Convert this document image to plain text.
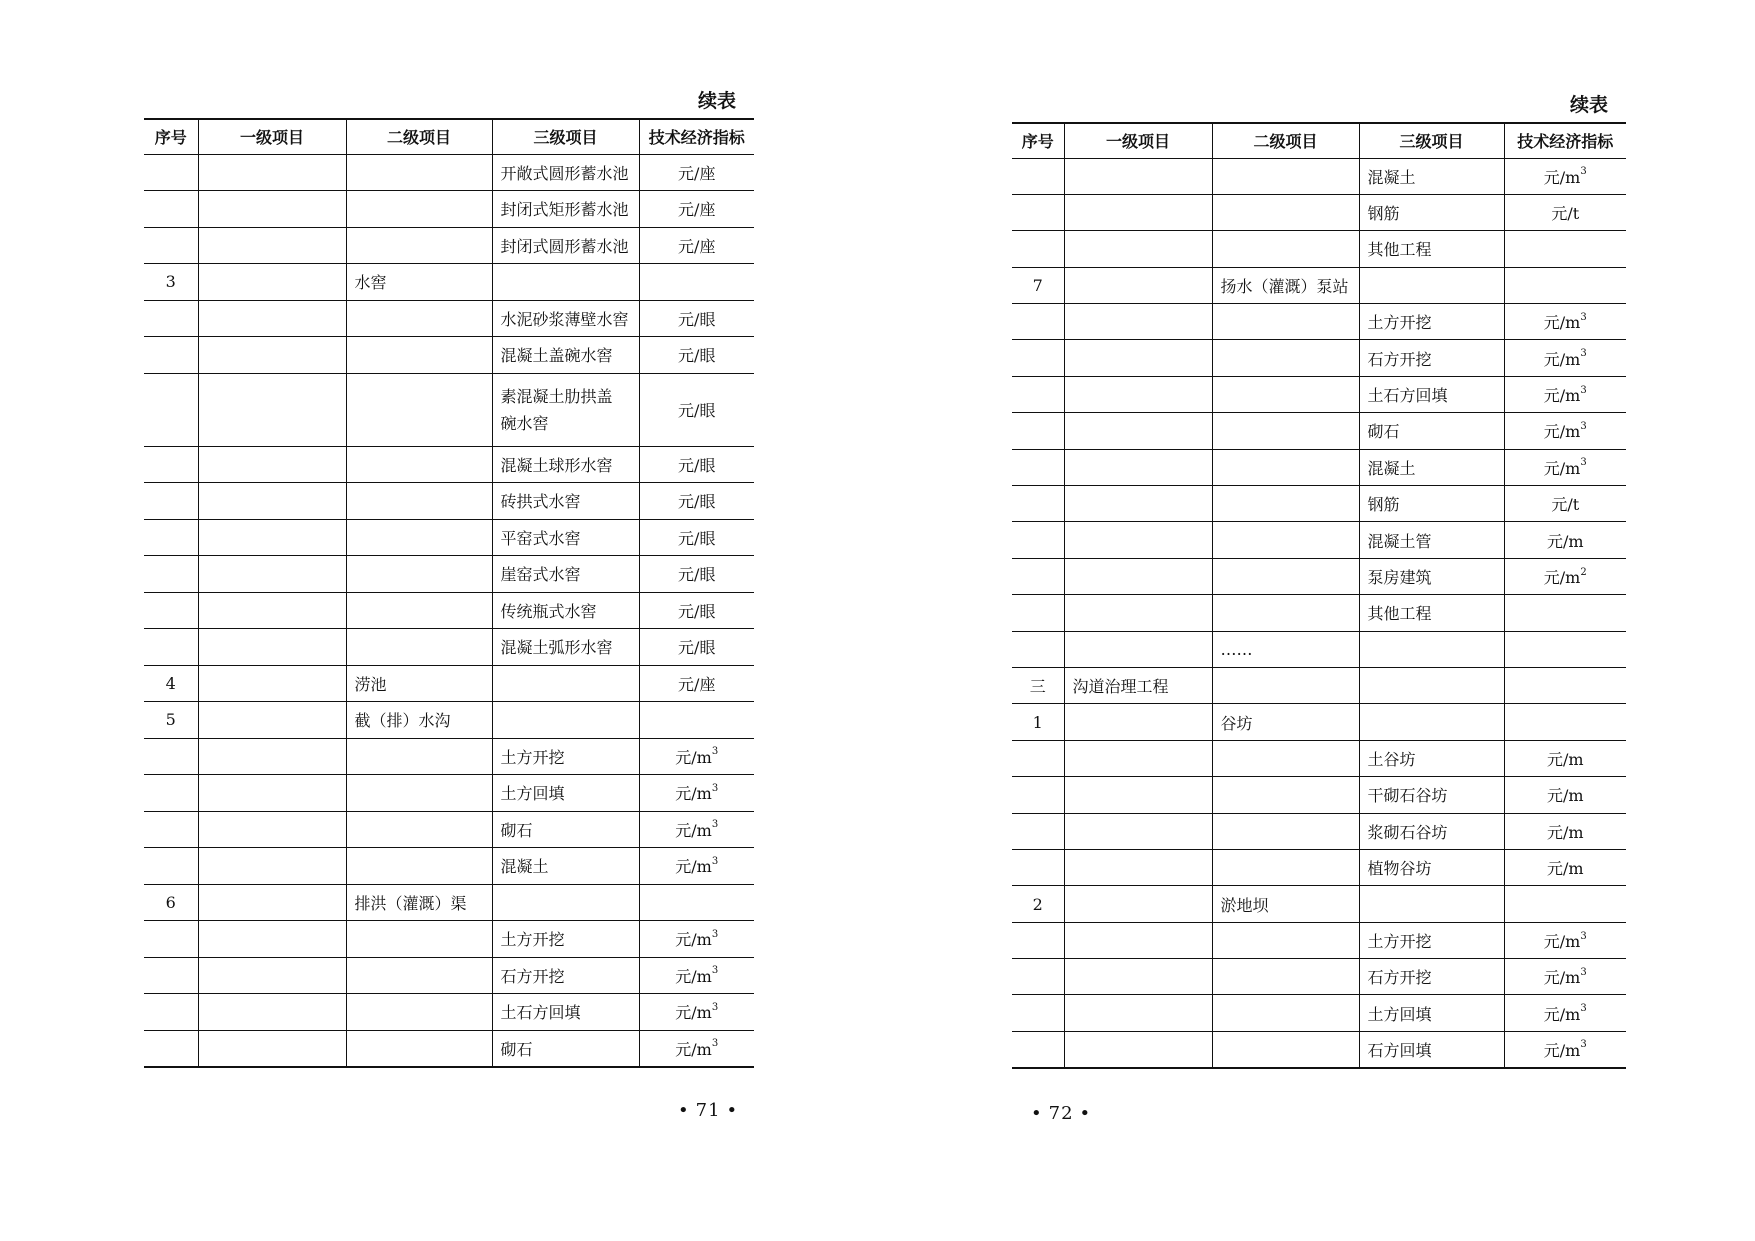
续表
序号	一级项目	二级项目	三级项目	技术经济指标
			开敞式圆形蓄水池	元/座
			封闭式矩形蓄水池	元/座
			封闭式圆形蓄水池	元/座
3		水窖		
			水泥砂浆薄壁水窖	元/眼
			混凝土盖碗水窖	元/眼
			素混凝土肋拱盖碗水窖	元/眼
			混凝土球形水窖	元/眼
			砖拱式水窖	元/眼
			平窑式水窖	元/眼
			崖窑式水窖	元/眼
			传统瓶式水窖	元/眼
			混凝土弧形水窖	元/眼
4		涝池		元/座
5		截（排）水沟		
			土方开挖	元$/m^3$
			土方回填	元$/m^3$
			砌石	元$/m^3$
			混凝土	元$/m^3$
6		排洪（灌溉）渠		
			土方开挖	元$/m^3$
			石方开挖	元$/m^3$
			土石方回填	元$/m^3$
			砌石	元$/m^3$
• 71 •
续表
序号	一级项目	二级项目	三级项目	技术经济指标
			混凝土	元$/m^3$
			钢筋	元/t
			其他工程	
7		扬水（灌溉）泵站		
			土方开挖	元$/m^3$
			石方开挖	元$/m^3$
			土石方回填	元$/m^3$
			砌石	元$/m^3$
			混凝土	元$/m^3$
			钢筋	元/t
			混凝土管	元/m
			泵房建筑	元$/m^2$
			其他工程	
		……		
三	沟道治理工程			
1		谷坊		
			土谷坊	元/m
			干砌石谷坊	元/m
			浆砌石谷坊	元/m
			植物谷坊	元/m
2		淤地坝		
			土方开挖	元$/m^3$
			石方开挖	元$/m^3$
			土方回填	元$/m^3$
			石方回填	元$/m^3$
• 72 •
